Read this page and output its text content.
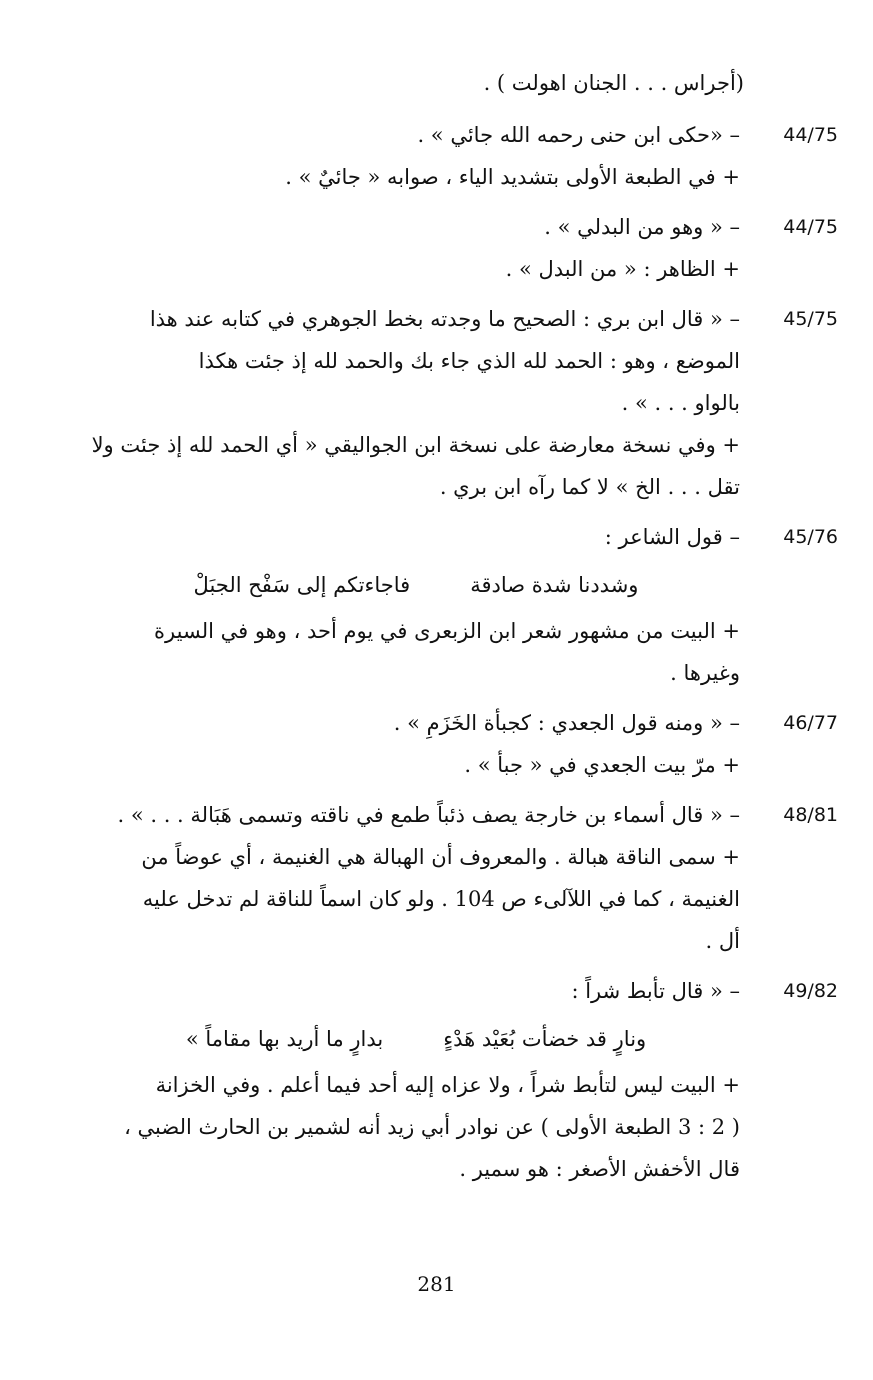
(أجراس . . . الجنان اهولت ) .
44/75
– «حكى ابن حنى رحمه الله جائي » .
+ في الطبعة الأولى بتشديد الياء ، صوابه « جائيٌ » .
44/75
– « وهو من البدلي » .
+ الظاهر : « من البدل » .
45/75
– « قال ابن بري : الصحيح ما وجدته بخط الجوهري في كتابه عند هذا
الموضع ، وهو : الحمد لله الذي جاء بك والحمد لله إذ جئت هكذا
بالواو . . . » .
+ وفي نسخة معارضة على نسخة ابن الجواليقي « أي الحمد لله إذ جئت ولا
تقل . . . الخ » لا كما رآه ابن بري .
45/76
– قول الشاعر :
وشددنا شدة صادقة
فاجاءتكم إلى سَفْح الجبَلْ
+ البيت من مشهور شعر ابن الزبعرى في يوم أحد ، وهو في السيرة
وغيرها .
46/77
– « ومنه قول الجعدي : كجبأة الخَزَمِ » .
+ مرّ بيت الجعدي في « جبأ » .
48/81
– « قال أسماء بن خارجة يصف ذئباً طمع في ناقته وتسمى هَبَالة . . . » .
+ سمى الناقة هبالة . والمعروف أن الهبالة هي الغنيمة ، أي عوضاً من
الغنيمة ، كما في اللآلىء ص 104 . ولو كان اسماً للناقة لم تدخل عليه
أل .
49/82
– « قال تأبط شراً :
ونارٍ قد خضأت بُعَيْد هَدْءٍ
بدارٍ ما أريد بها مقاماً »
+ البيت ليس لتأبط شراً ، ولا عزاه إليه أحد فيما أعلم . وفي الخزانة
( 2 : 3 الطبعة الأولى ) عن نوادر أبي زيد أنه لشمير بن الحارث الضبي ،
قال الأخفش الأصغر : هو سمير .
281
